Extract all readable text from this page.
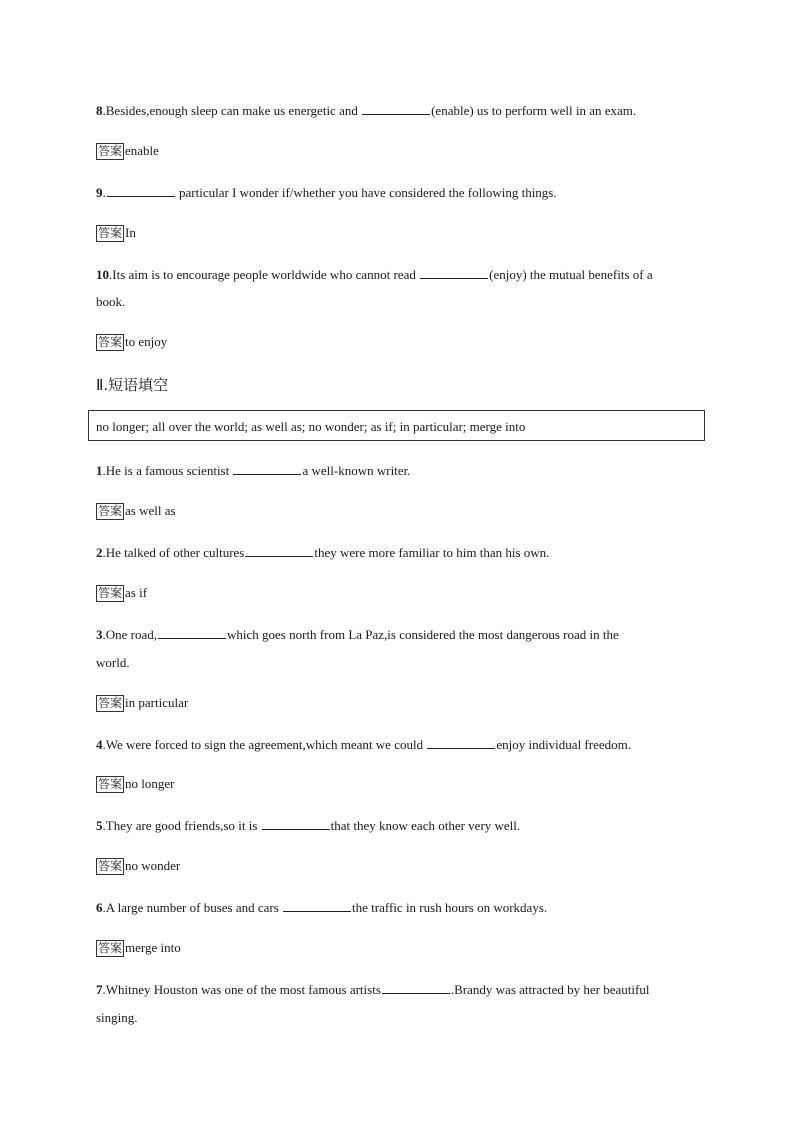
8.Besides,enough sleep can make us energetic and	(enable) us to perform well in an exam.
答案 enable
9.	particular I wonder if/whether you have considered the following things.
答案 In
10.Its aim is to encourage people worldwide who cannot read	(enjoy) the mutual benefits of a
book.
答案 to enjoy
Ⅱ.短语填空
no longer; all over the world; as well as; no wonder; as if; in particular; merge into
1.He is a famous scientist	a well-known writer.
答案 as well as
2.He talked of other cultures	they were more familiar to him than his own.
答案 as if
3.One road,	which goes north from La Paz,is considered the most dangerous road in the
world.
答案 in particular
4.We were forced to sign the agreement,which meant we could	enjoy individual freedom.
答案 no longer
5.They are good friends,so it is	that they know each other very well.
答案 no wonder
6.A large number of buses and cars	the traffic in rush hours on workdays.
答案 merge into
7.Whitney Houston was one of the most famous artists	.Brandy was attracted by her beautiful
singing.
